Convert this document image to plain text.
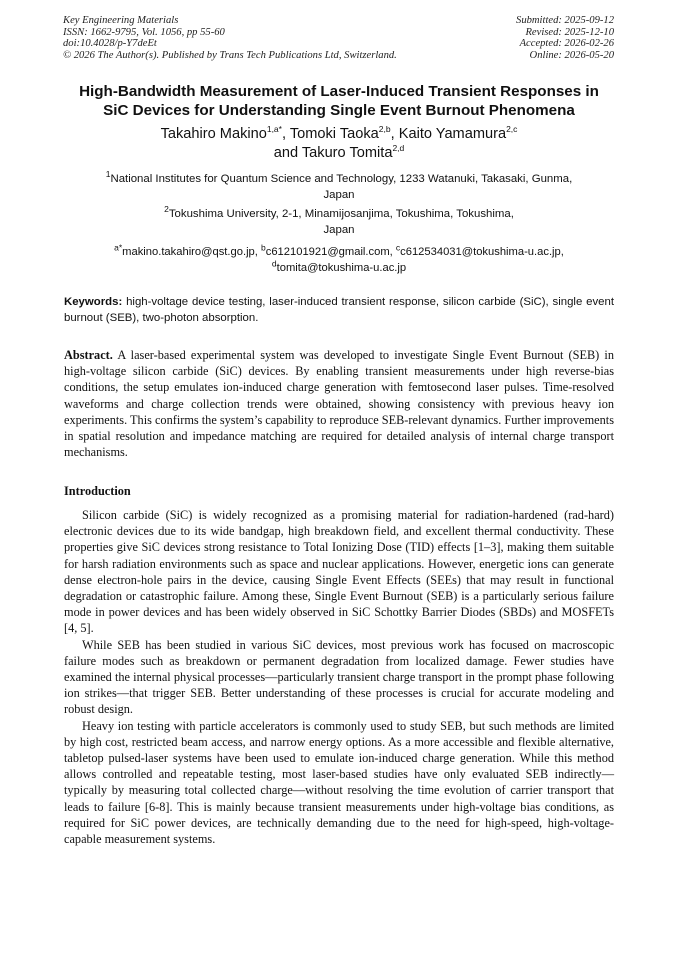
Key Engineering Materials
ISSN: 1662-9795, Vol. 1056, pp 55-60
doi:10.4028/p-Y7deEt
© 2026 The Author(s). Published by Trans Tech Publications Ltd, Switzerland.
Submitted: 2025-09-12
Revised: 2025-12-10
Accepted: 2026-02-26
Online: 2026-05-20
High-Bandwidth Measurement of Laser-Induced Transient Responses in
SiC Devices for Understanding Single Event Burnout Phenomena
Takahiro Makino$^{1,a*}$, Tomoki Taoka$^{2,b}$, Kaito Yamamura$^{2,c}$
and Takuro Tomita$^{2,d}$
$^1$National Institutes for Quantum Science and Technology, 1233 Watanuki, Takasaki, Gunma,
Japan
$^2$Tokushima University, 2-1, Minamijosanjima, Tokushima, Tokushima,
Japan
$^{a*}$makino.takahiro@qst.go.jp, $^b$c612101921@gmail.com, $^c$c612534031@tokushima-u.ac.jp,
$^d$tomita@tokushima-u.ac.jp
Keywords: high-voltage device testing, laser-induced transient response, silicon carbide (SiC), single event burnout (SEB), two-photon absorption.
Abstract. A laser-based experimental system was developed to investigate Single Event Burnout (SEB) in high-voltage silicon carbide (SiC) devices. By enabling transient measurements under high reverse-bias conditions, the setup emulates ion-induced charge generation with femtosecond laser pulses. Time-resolved waveforms and charge collection trends were obtained, showing consistency with previous heavy ion experiments. This confirms the system’s capability to reproduce SEB-relevant dynamics. Further improvements in spatial resolution and impedance matching are required for detailed analysis of internal charge transport mechanisms.
Introduction

Silicon carbide (SiC) is widely recognized as a promising material for radiation-hardened (rad-hard) electronic devices due to its wide bandgap, high breakdown field, and excellent thermal conductivity. These properties give SiC devices strong resistance to Total Ionizing Dose (TID) effects [1–3], making them suitable for harsh radiation environments such as space and nuclear applications. However, energetic ions can generate dense electron-hole pairs in the device, causing Single Event Effects (SEEs) that may result in functional degradation or catastrophic failure. Among these, Single Event Burnout (SEB) is a particularly serious failure mode in power devices and has been widely observed in SiC Schottky Barrier Diodes (SBDs) and MOSFETs [4, 5].

While SEB has been studied in various SiC devices, most previous work has focused on macroscopic failure modes such as breakdown or permanent degradation from localized damage. Fewer studies have examined the internal physical processes—particularly transient charge transport in the prompt phase following ion strikes—that trigger SEB. Better understanding of these processes is crucial for accurate modeling and robust design.

Heavy ion testing with particle accelerators is commonly used to study SEB, but such methods are limited by high cost, restricted beam access, and narrow energy options. As a more accessible and flexible alternative, tabletop pulsed-laser systems have been used to emulate ion-induced charge generation. While this method allows controlled and repeatable testing, most laser-based studies have only evaluated SEB indirectly—typically by measuring total collected charge—without resolving the time evolution of carrier transport that leads to failure [6-8]. This is mainly because transient measurements under high-voltage bias conditions, as required for SiC power devices, are technically demanding due to the need for high-speed, high-voltage-capable measurement systems.
